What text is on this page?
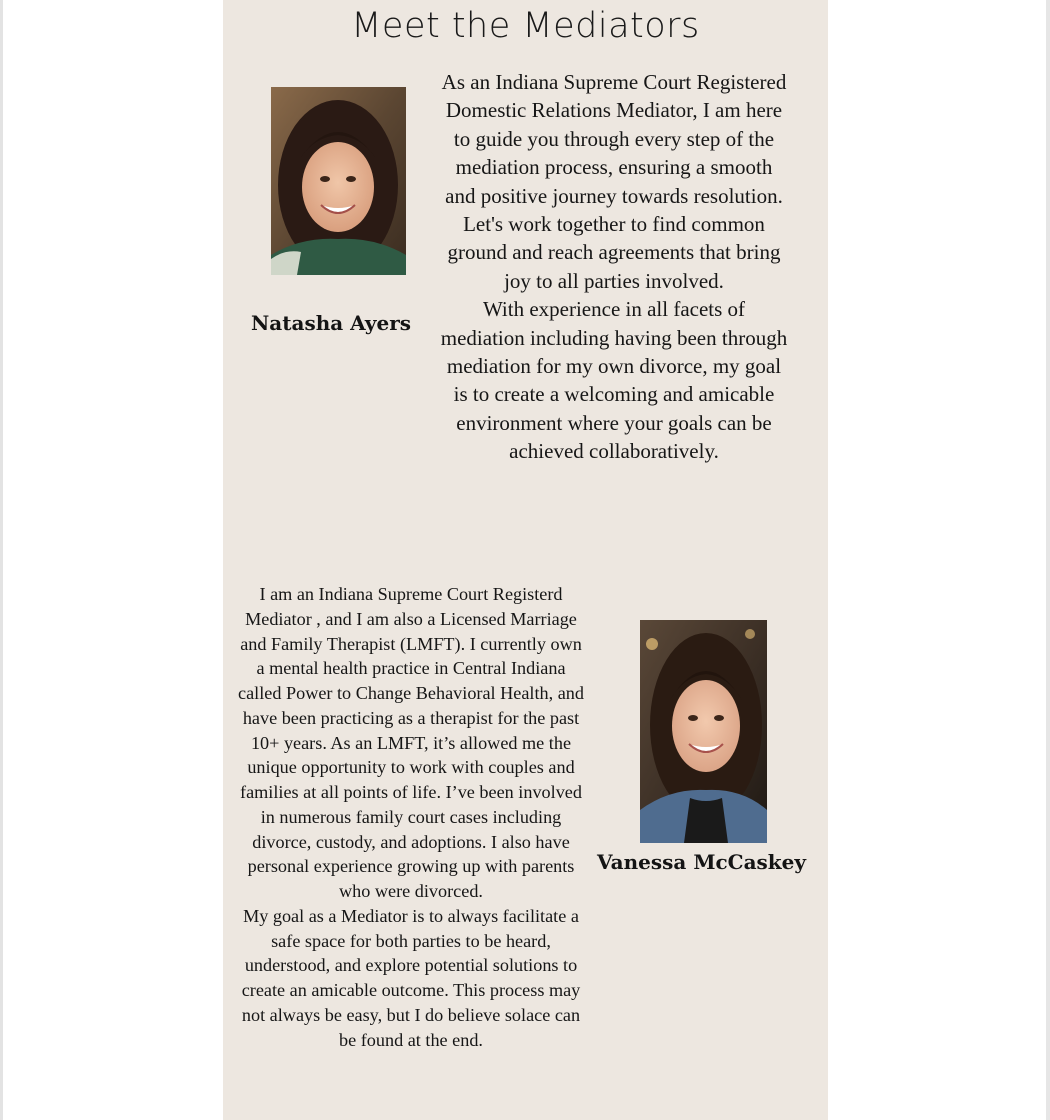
Meet the Mediators
Natasha Ayers

As an Indiana Supreme Court Registered Domestic Relations Mediator, I am here to guide you through every step of the mediation process, ensuring a smooth and positive journey towards resolution. Let's work together to find common ground and reach agreements that bring joy to all parties involved.

With experience in all facets of mediation including having been through mediation for my own divorce, my goal is to create a welcoming and amicable environment where your goals can be achieved collaboratively.

I am an Indiana Supreme Court Registerd Mediator , and I am also a Licensed Marriage and Family Therapist (LMFT). I currently own a mental health practice in Central Indiana called Power to Change Behavioral Health, and have been practicing as a therapist for the past 10+ years. As an LMFT, it’s allowed me the unique opportunity to work with couples and families at all points of life. I’ve been involved in numerous family court cases including divorce, custody, and adoptions. I also have personal experience growing up with parents who were divorced.

My goal as a Mediator is to always facilitate a safe space for both parties to be heard, understood, and explore potential solutions to create an amicable outcome. This process may not always be easy, but I do believe solace can be found at the end.

Vanessa McCaskey
